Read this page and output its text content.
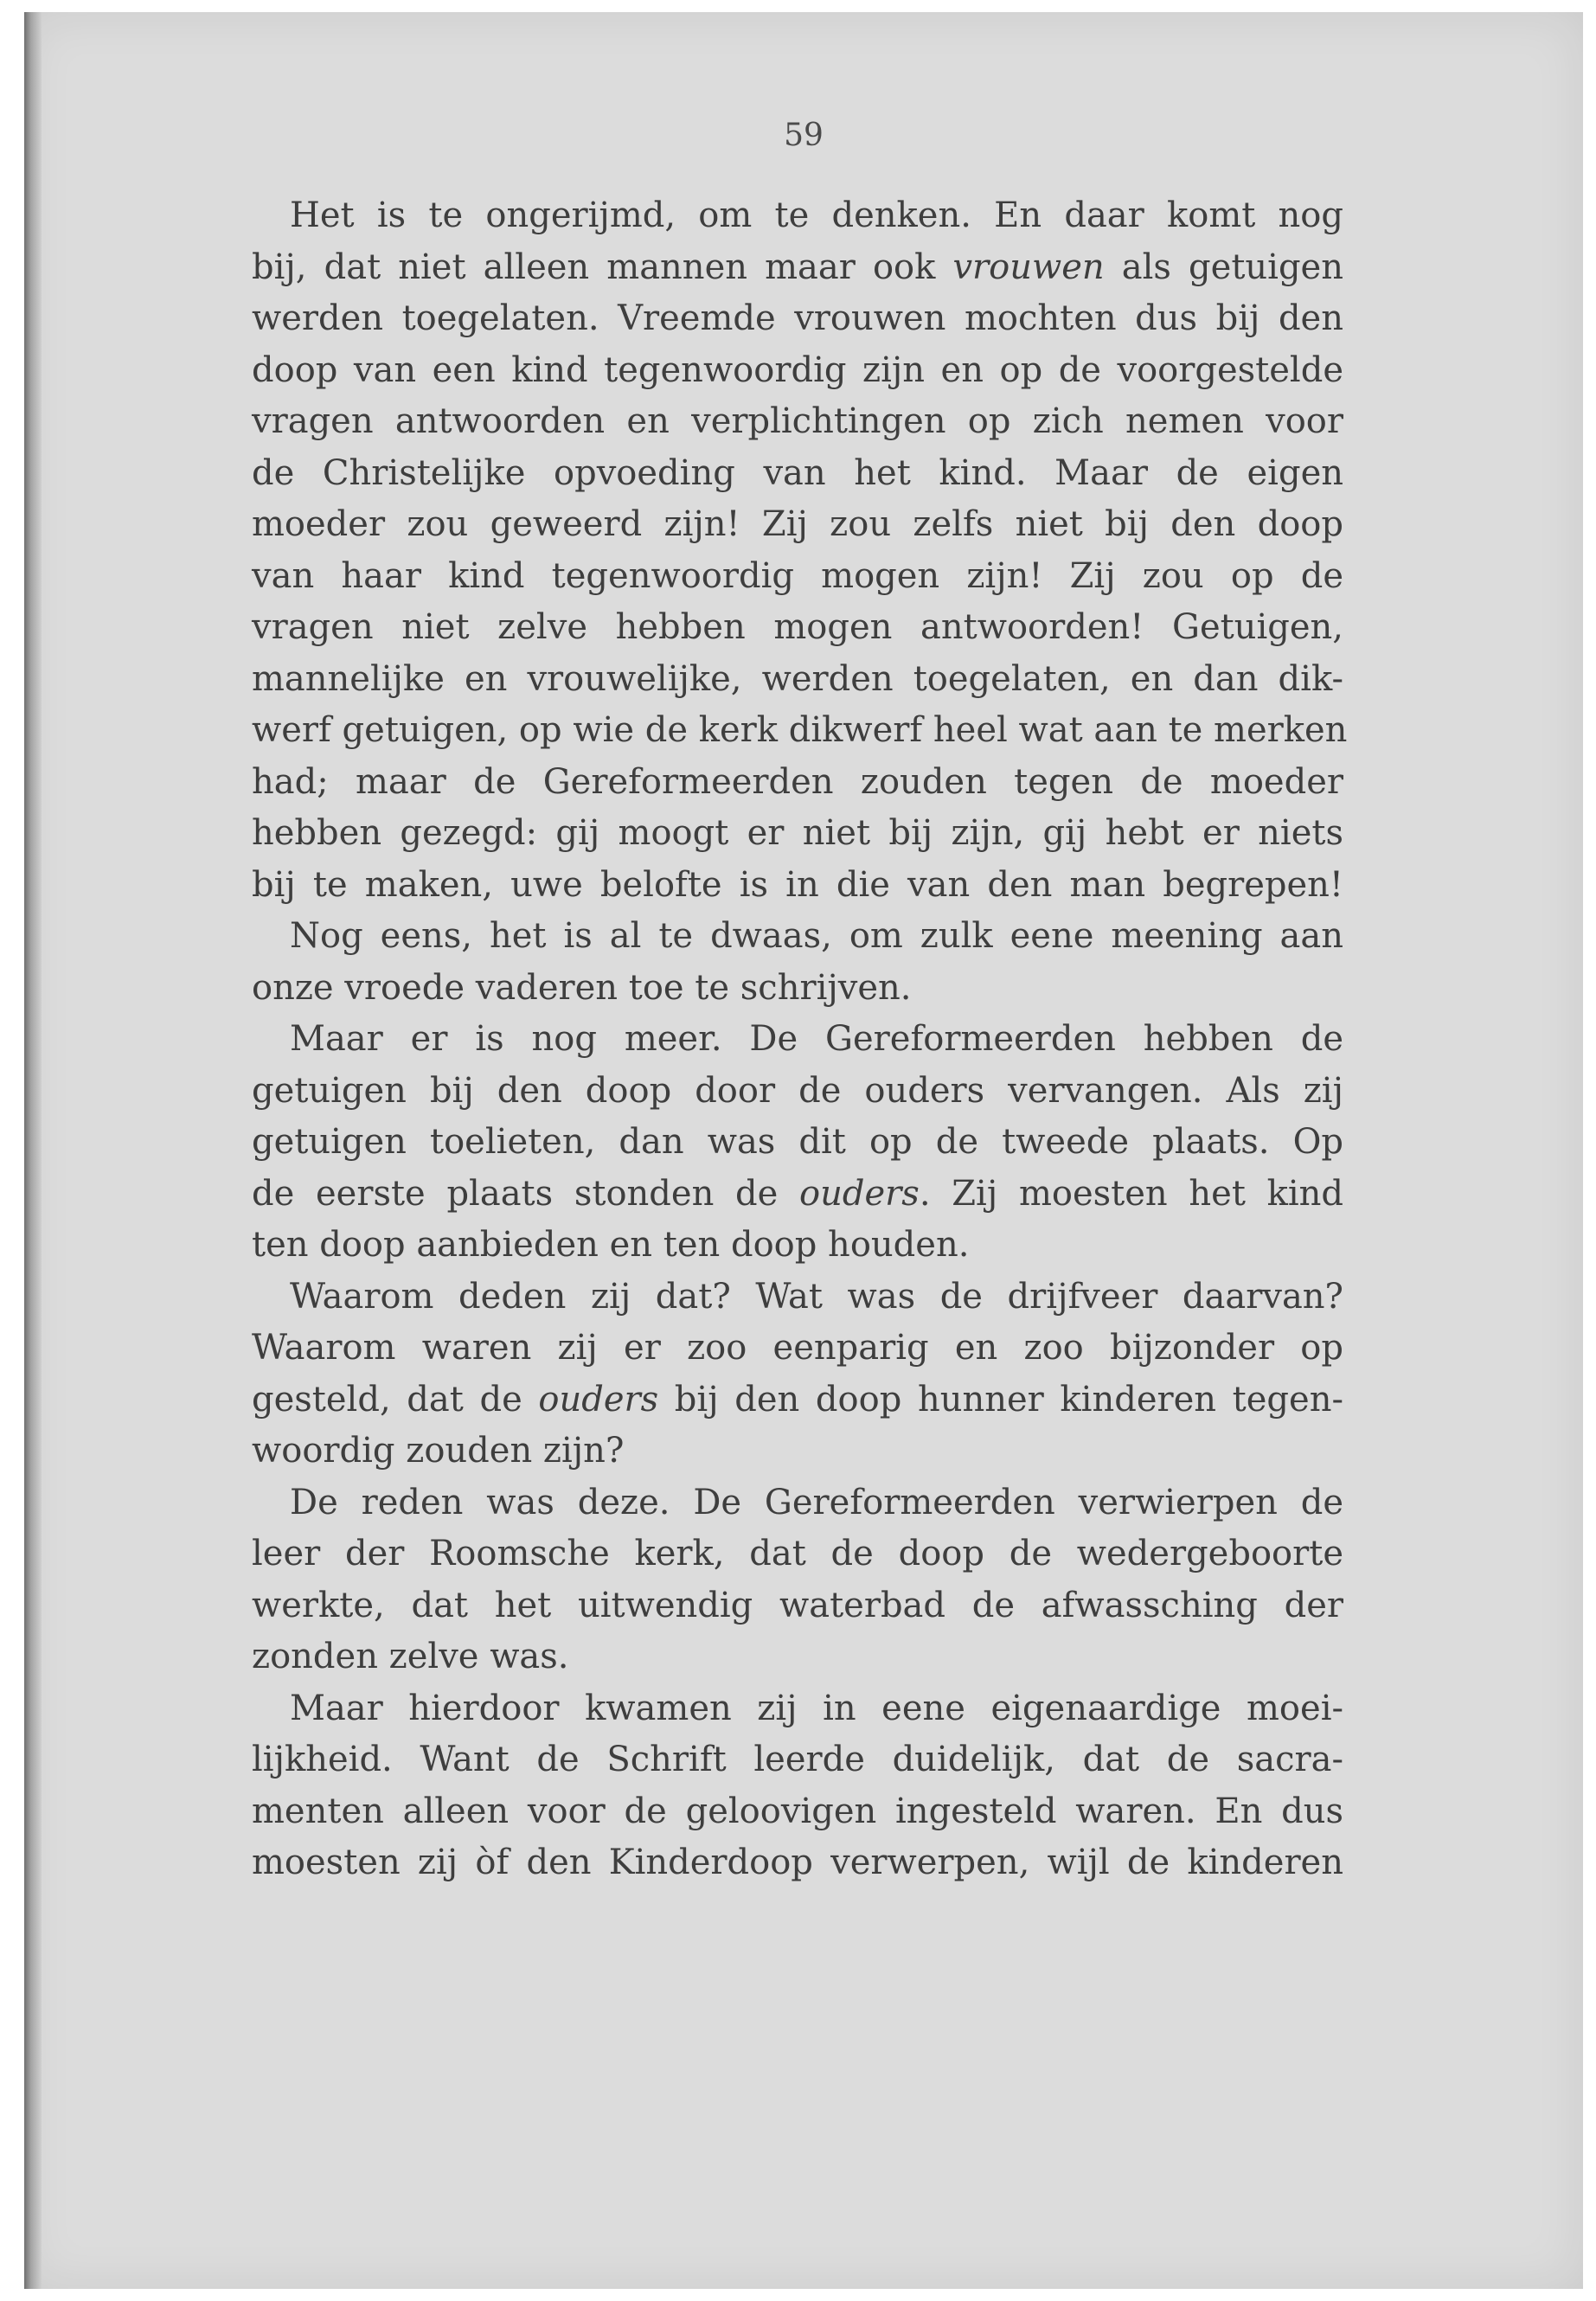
59
Het is te ongerijmd, om te denken. En daar komt nog
bij, dat niet alleen mannen maar ook vrouwen als getuigen
werden toegelaten. Vreemde vrouwen mochten dus bij den
doop van een kind tegenwoordig zijn en op de voorgestelde
vragen antwoorden en verplichtingen op zich nemen voor
de Christelijke opvoeding van het kind. Maar de eigen
moeder zou geweerd zijn! Zij zou zelfs niet bij den doop
van haar kind tegenwoordig mogen zijn! Zij zou op de
vragen niet zelve hebben mogen antwoorden! Getuigen,
mannelijke en vrouwelijke, werden toegelaten, en dan dik-
werf getuigen, op wie de kerk dikwerf heel wat aan te merken
had; maar de Gereformeerden zouden tegen de moeder
hebben gezegd: gij moogt er niet bij zijn, gij hebt er niets
bij te maken, uwe belofte is in die van den man begrepen!
Nog eens, het is al te dwaas, om zulk eene meening aan
onze vroede vaderen toe te schrijven.
Maar er is nog meer. De Gereformeerden hebben de
getuigen bij den doop door de ouders vervangen. Als zij
getuigen toelieten, dan was dit op de tweede plaats. Op
de eerste plaats stonden de ouders. Zij moesten het kind
ten doop aanbieden en ten doop houden.
Waarom deden zij dat? Wat was de drijfveer daarvan?
Waarom waren zij er zoo eenparig en zoo bijzonder op
gesteld, dat de ouders bij den doop hunner kinderen tegen-
woordig zouden zijn?
De reden was deze. De Gereformeerden verwierpen de
leer der Roomsche kerk, dat de doop de wedergeboorte
werkte, dat het uitwendig waterbad de afwassching der
zonden zelve was.
Maar hierdoor kwamen zij in eene eigenaardige moei-
lijkheid. Want de Schrift leerde duidelijk, dat de sacra-
menten alleen voor de geloovigen ingesteld waren. En dus
moesten zij òf den Kinderdoop verwerpen, wijl de kinderen
